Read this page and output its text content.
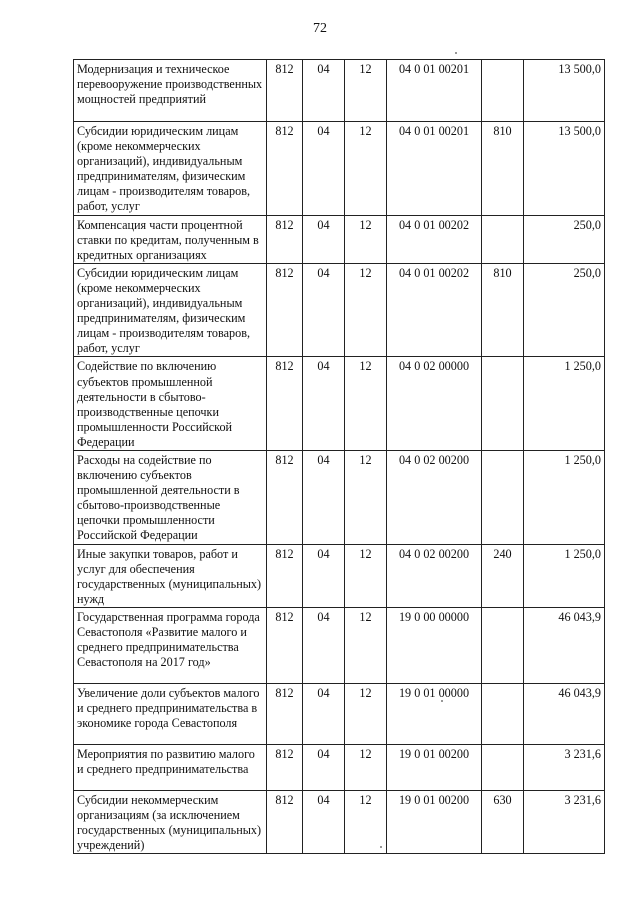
72
Модернизация и техническое перевооружение производственных мощностей предприятий	812	04	12	04 0 01 00201		13 500,0
Субсидии юридическим лицам (кроме некоммерческих организаций), индивидуальным предпринимателям, физическим лицам - производителям товаров, работ, услуг	812	04	12	04 0 01 00201	810	13 500,0
Компенсация части процентной ставки по кредитам, полученным в кредитных организациях	812	04	12	04 0 01 00202		250,0
Субсидии юридическим лицам (кроме некоммерческих организаций), индивидуальным предпринимателям, физическим лицам - производителям товаров, работ, услуг	812	04	12	04 0 01 00202	810	250,0
Содействие по включению субъектов промышленной деятельности в сбытово-производственные цепочки промышленности Российской Федерации	812	04	12	04 0 02 00000		1 250,0
Расходы на содействие по включению субъектов промышленной деятельности в сбытово-производственные цепочки промышленности Российской Федерации	812	04	12	04 0 02 00200		1 250,0
Иные закупки товаров, работ и услуг для обеспечения государственных (муниципальных) нужд	812	04	12	04 0 02 00200	240	1 250,0
Государственная программа города Севастополя «Развитие малого и среднего предпринимательства Севастополя на 2017 год»	812	04	12	19 0 00 00000		46 043,9
Увеличение доли субъектов малого и среднего предпринимательства в экономике города Севастополя	812	04	12	19 0 01 00000		46 043,9
Мероприятия по развитию малого и среднего предпринимательства	812	04	12	19 0 01 00200		3 231,6
Субсидии некоммерческим организациям (за исключением государственных (муниципальных) учреждений)	812	04	12	19 0 01 00200	630	3 231,6
